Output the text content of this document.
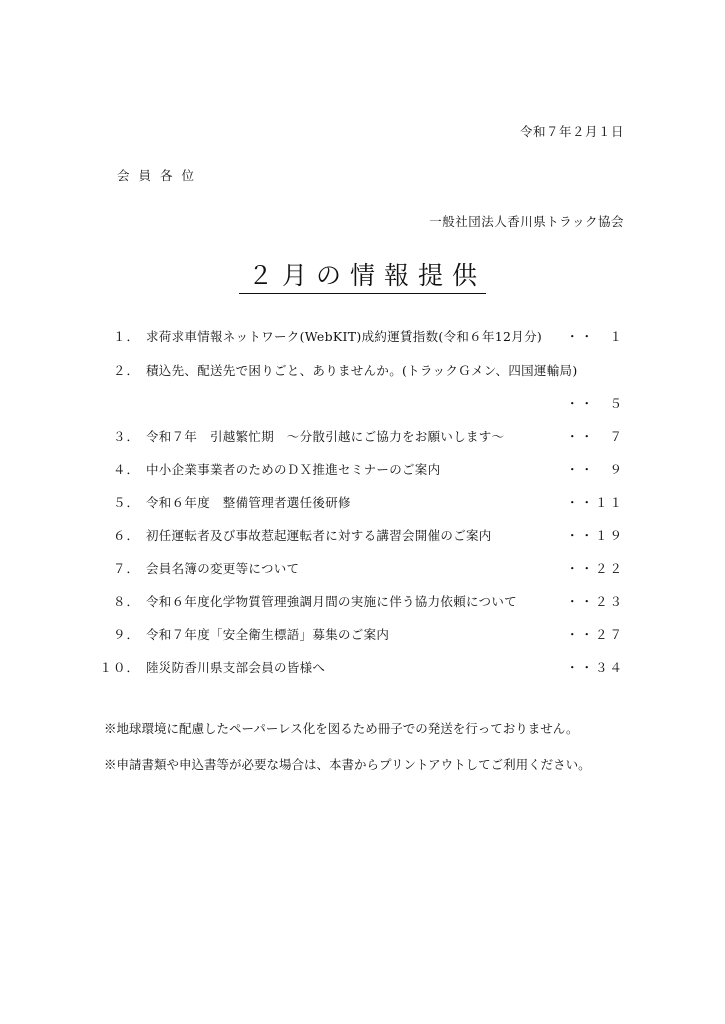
令和７年２月１日
会員各位
一般社団法人香川県トラック協会
２月の情報提供
１． 求荷求車情報ネットワーク(WebKIT)成約運賃指数(令和６年12月分) ・・　１
２． 積込先、配送先で困りごと、ありませんか。(トラックＧメン、四国運輸局)
・・　５
３． 令和７年　引越繁忙期　～分散引越にご協力をお願いします～	・・　７
４． 中小企業事業者のためのＤＸ推進セミナーのご案内	・・　９
５． 令和６年度　整備管理者選任後研修	・・１１
６． 初任運転者及び事故惹起運転者に対する講習会開催のご案内	・・１９
７． 会員名簿の変更等について	・・２２
８． 令和６年度化学物質管理強調月間の実施に伴う協力依頼について	・・２３
９． 令和７年度「安全衛生標語」募集のご案内	・・２７
１０． 陸災防香川県支部会員の皆様へ	・・３４
※地球環境に配慮したペーパーレス化を図るため冊子での発送を行っておりません。
※申請書類や申込書等が必要な場合は、本書からプリントアウトしてご利用ください。
